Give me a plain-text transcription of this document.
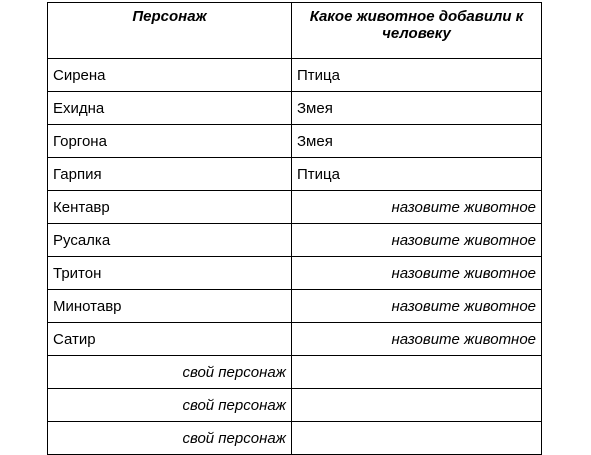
Персонаж	Какое животное добавили к человеку
Сирена	Птица
Ехидна	Змея
Горгона	Змея
Гарпия	Птица
Кентавр	назовите животное
Русалка	назовите животное
Тритон	назовите животное
Минотавр	назовите животное
Сатир	назовите животное
свой персонаж	
свой персонаж	
свой персонаж	
